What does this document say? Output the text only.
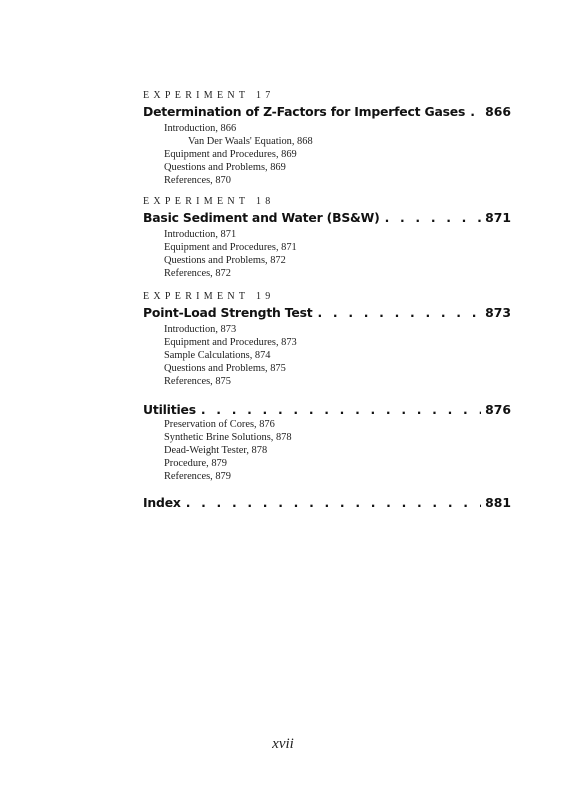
EXPERIMENT 17
Determination of Z-Factors for Imperfect Gases . . . 866
Introduction, 866
Van Der Waals' Equation, 868
Equipment and Procedures, 869
Questions and Problems, 869
References, 870
EXPERIMENT 18
Basic Sediment and Water (BS&W) . . .	871
Introduction, 871
Equipment and Procedures, 871
Questions and Problems, 872
References, 872
EXPERIMENT 19
Point-Load Strength Test . . .	873
Introduction, 873
Equipment and Procedures, 873
Sample Calculations, 874
Questions and Problems, 875
References, 875
Utilities . . .	876
Preservation of Cores, 876
Synthetic Brine Solutions, 878
Dead-Weight Tester, 878
Procedure, 879
References, 879
Index . . .	881
xvii
